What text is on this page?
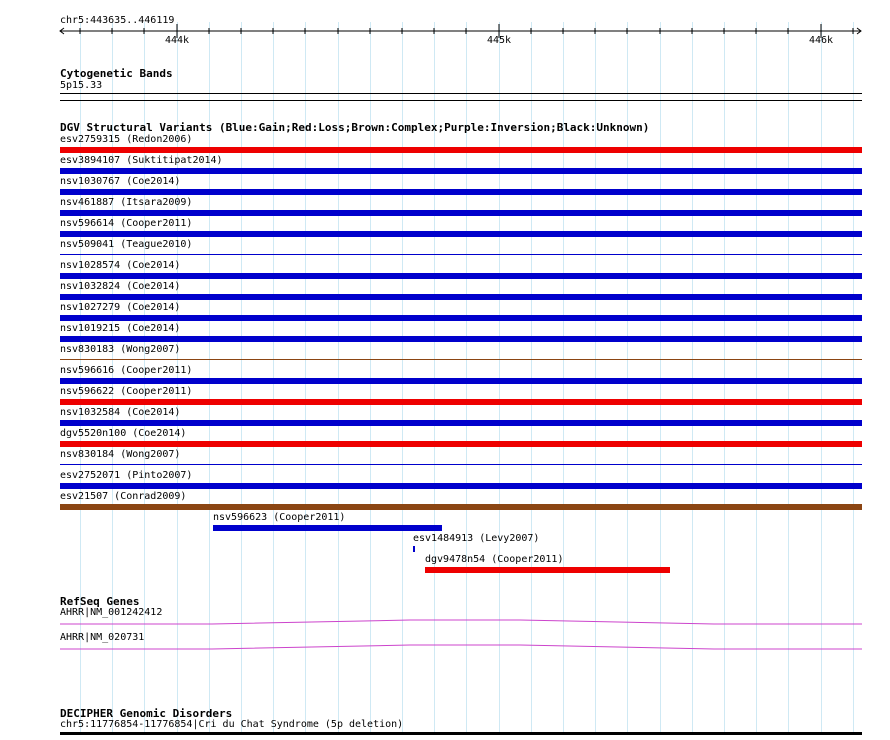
chr5:443635..446119
444k	445k	446k
Cytogenetic Bands
5p15.33
DGV Structural Variants (Blue:Gain;Red:Loss;Brown:Complex;Purple:Inversion;Black:Unknown)
esv2759315 (Redon2006)
esv3894107 (Suktitipat2014)
nsv1030767 (Coe2014)
nsv461887 (Itsara2009)
nsv596614 (Cooper2011)
nsv509041 (Teague2010)
nsv1028574 (Coe2014)
nsv1032824 (Coe2014)
nsv1027279 (Coe2014)
nsv1019215 (Coe2014)
nsv830183 (Wong2007)
nsv596616 (Cooper2011)
nsv596622 (Cooper2011)
nsv1032584 (Coe2014)
dgv5520n100 (Coe2014)
nsv830184 (Wong2007)
esv2752071 (Pinto2007)
esv21507 (Conrad2009)
nsv596623 (Cooper2011)
esv1484913 (Levy2007)
dgv9478n54 (Cooper2011)
RefSeq Genes
AHRR|NM_001242412
AHRR|NM_020731
DECIPHER Genomic Disorders
chr5:11776854-11776854|Cri du Chat Syndrome (5p deletion)
